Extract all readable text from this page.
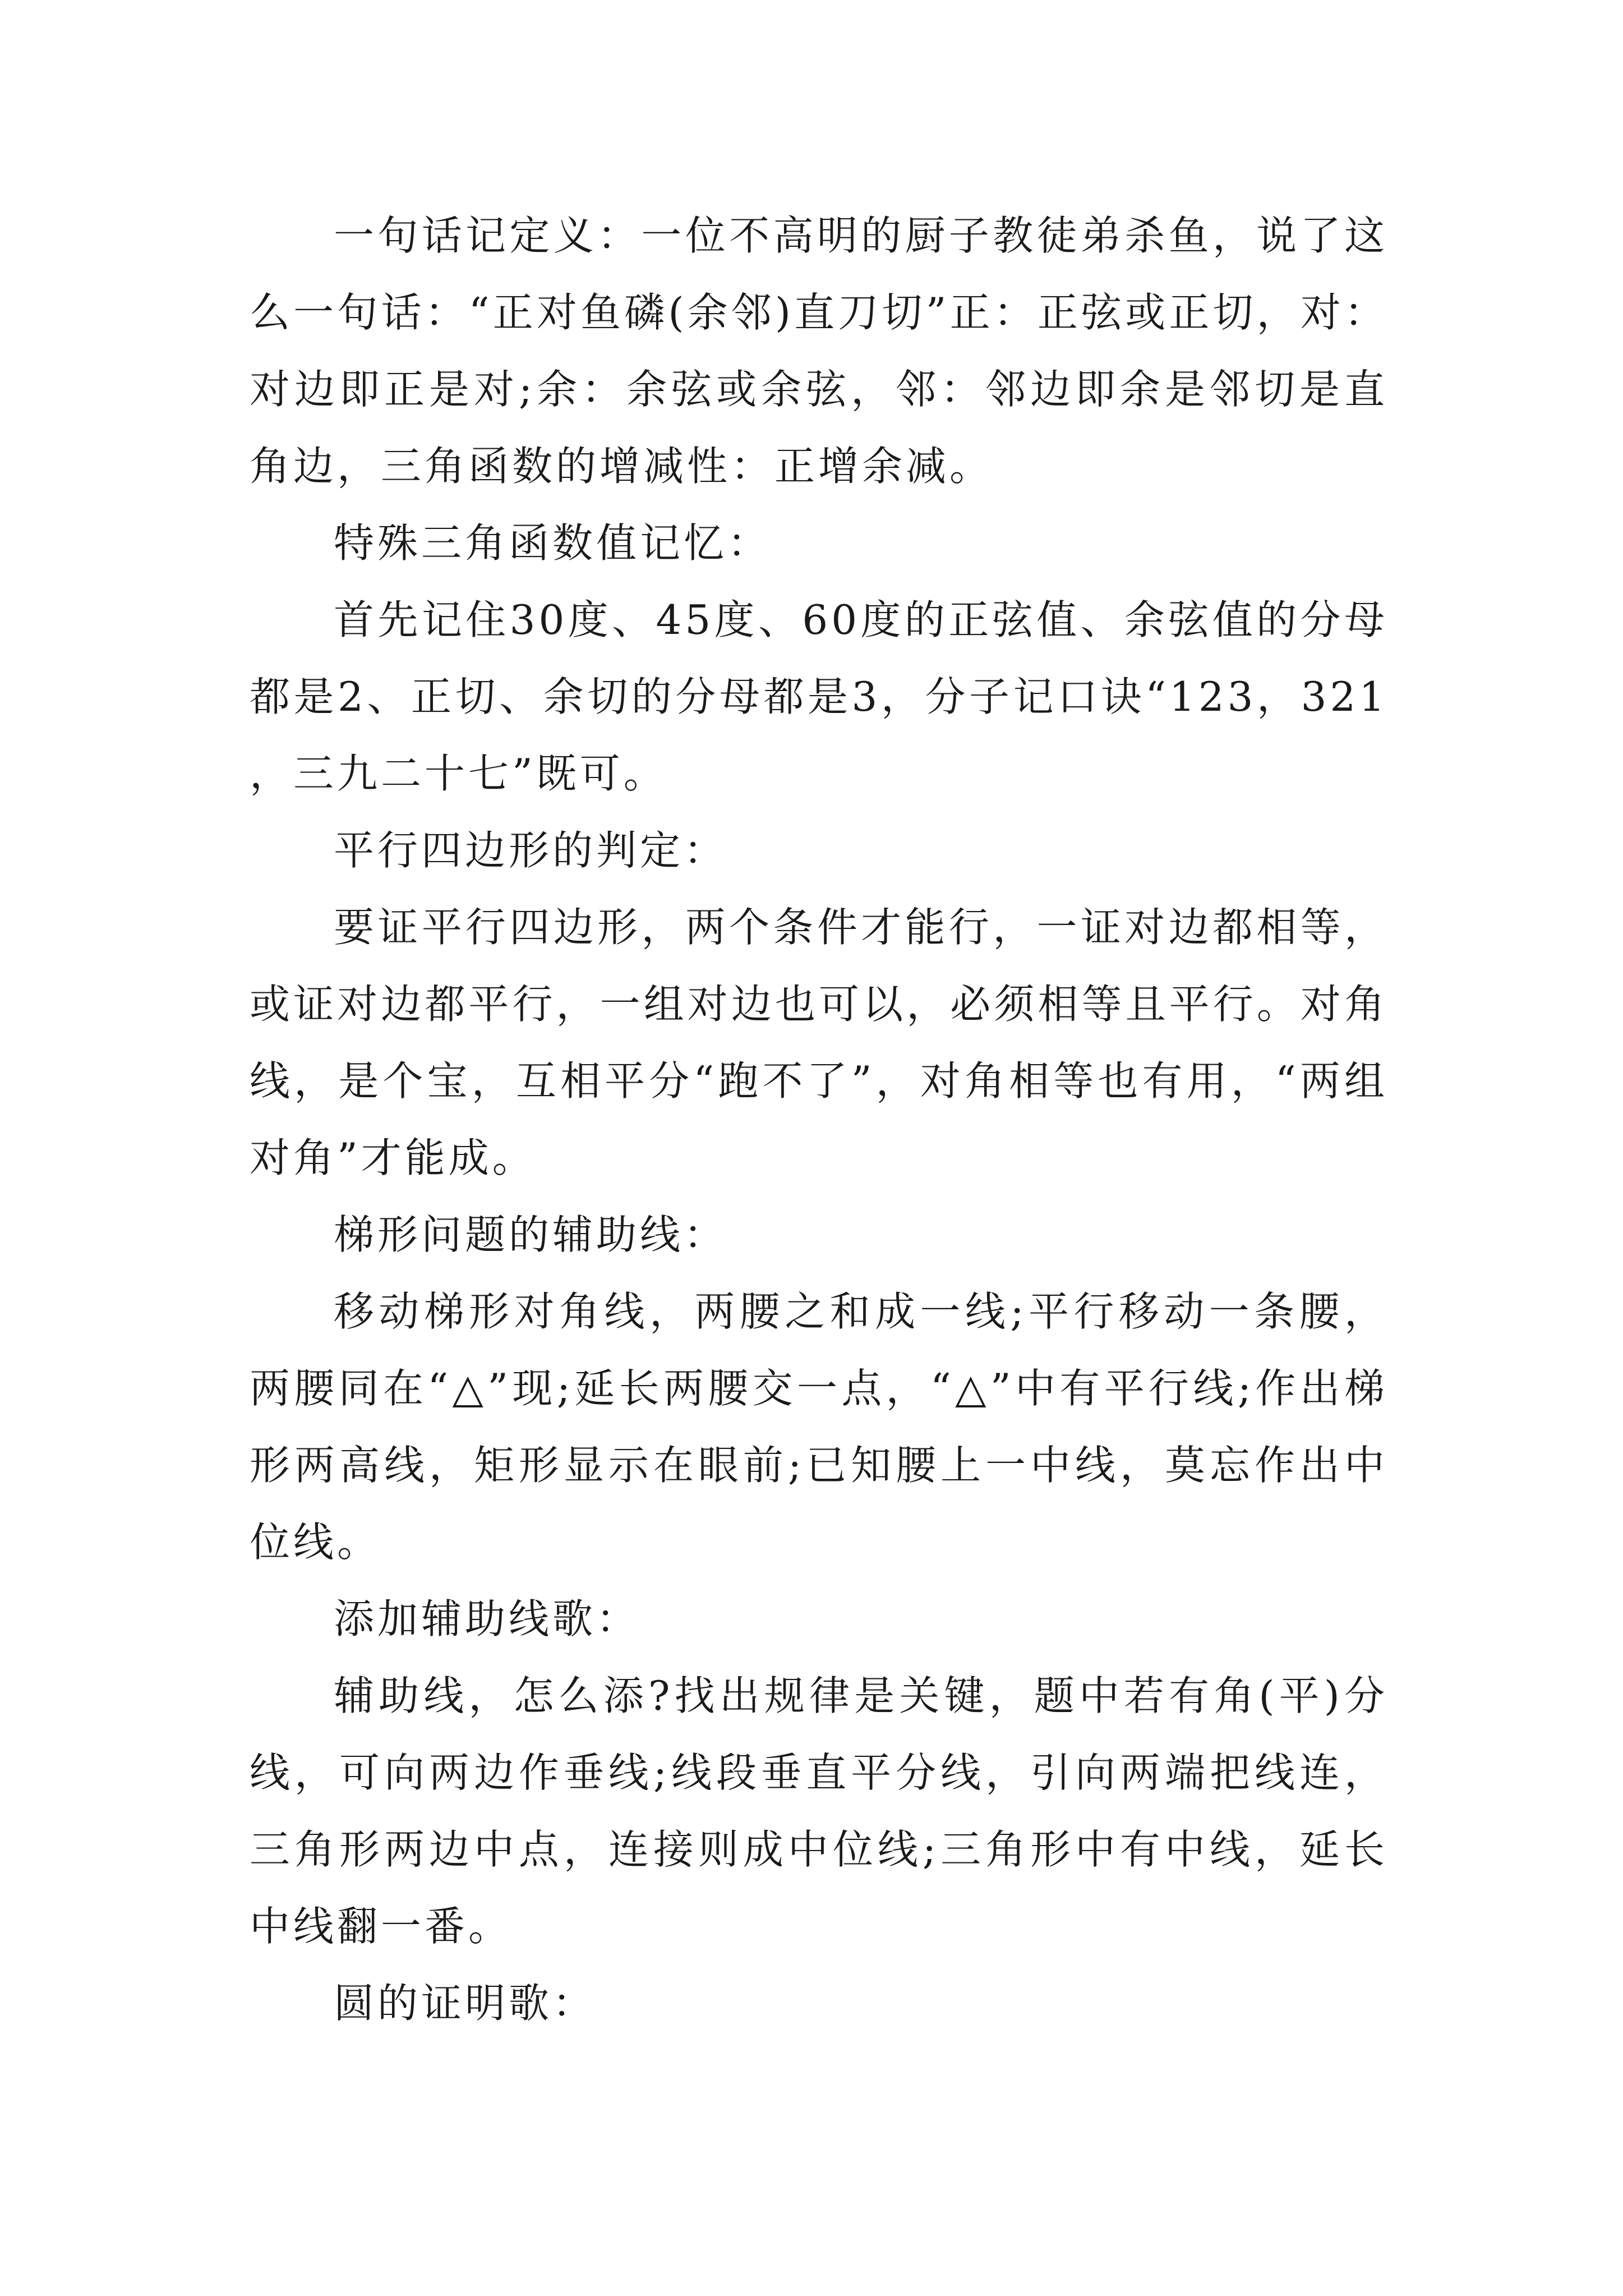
一句话记定义：一位不高明的厨子教徒弟杀鱼，说了这么一句话：“正对鱼磷(余邻)直刀切”正：正弦或正切，对：对边即正是对;余：余弦或余弦，邻：邻边即余是邻切是直角边，三角函数的增减性：正增余减。

特殊三角函数值记忆：

首先记住30度、45度、60度的正弦值、余弦值的分母都是2、正切、余切的分母都是3，分子记口诀“123，321，三九二十七”既可。

平行四边形的判定：

要证平行四边形，两个条件才能行，一证对边都相等，或证对边都平行，一组对边也可以，必须相等且平行。对角线，是个宝，互相平分“跑不了”，对角相等也有用，“两组对角”才能成。

梯形问题的辅助线：

移动梯形对角线，两腰之和成一线;平行移动一条腰，两腰同在“△”现;延长两腰交一点，“△”中有平行线;作出梯形两高线，矩形显示在眼前;已知腰上一中线，莫忘作出中位线。

添加辅助线歌：

辅助线，怎么添?找出规律是关键，题中若有角(平)分线，可向两边作垂线;线段垂直平分线，引向两端把线连，三角形两边中点，连接则成中位线;三角形中有中线，延长中线翻一番。

圆的证明歌：
